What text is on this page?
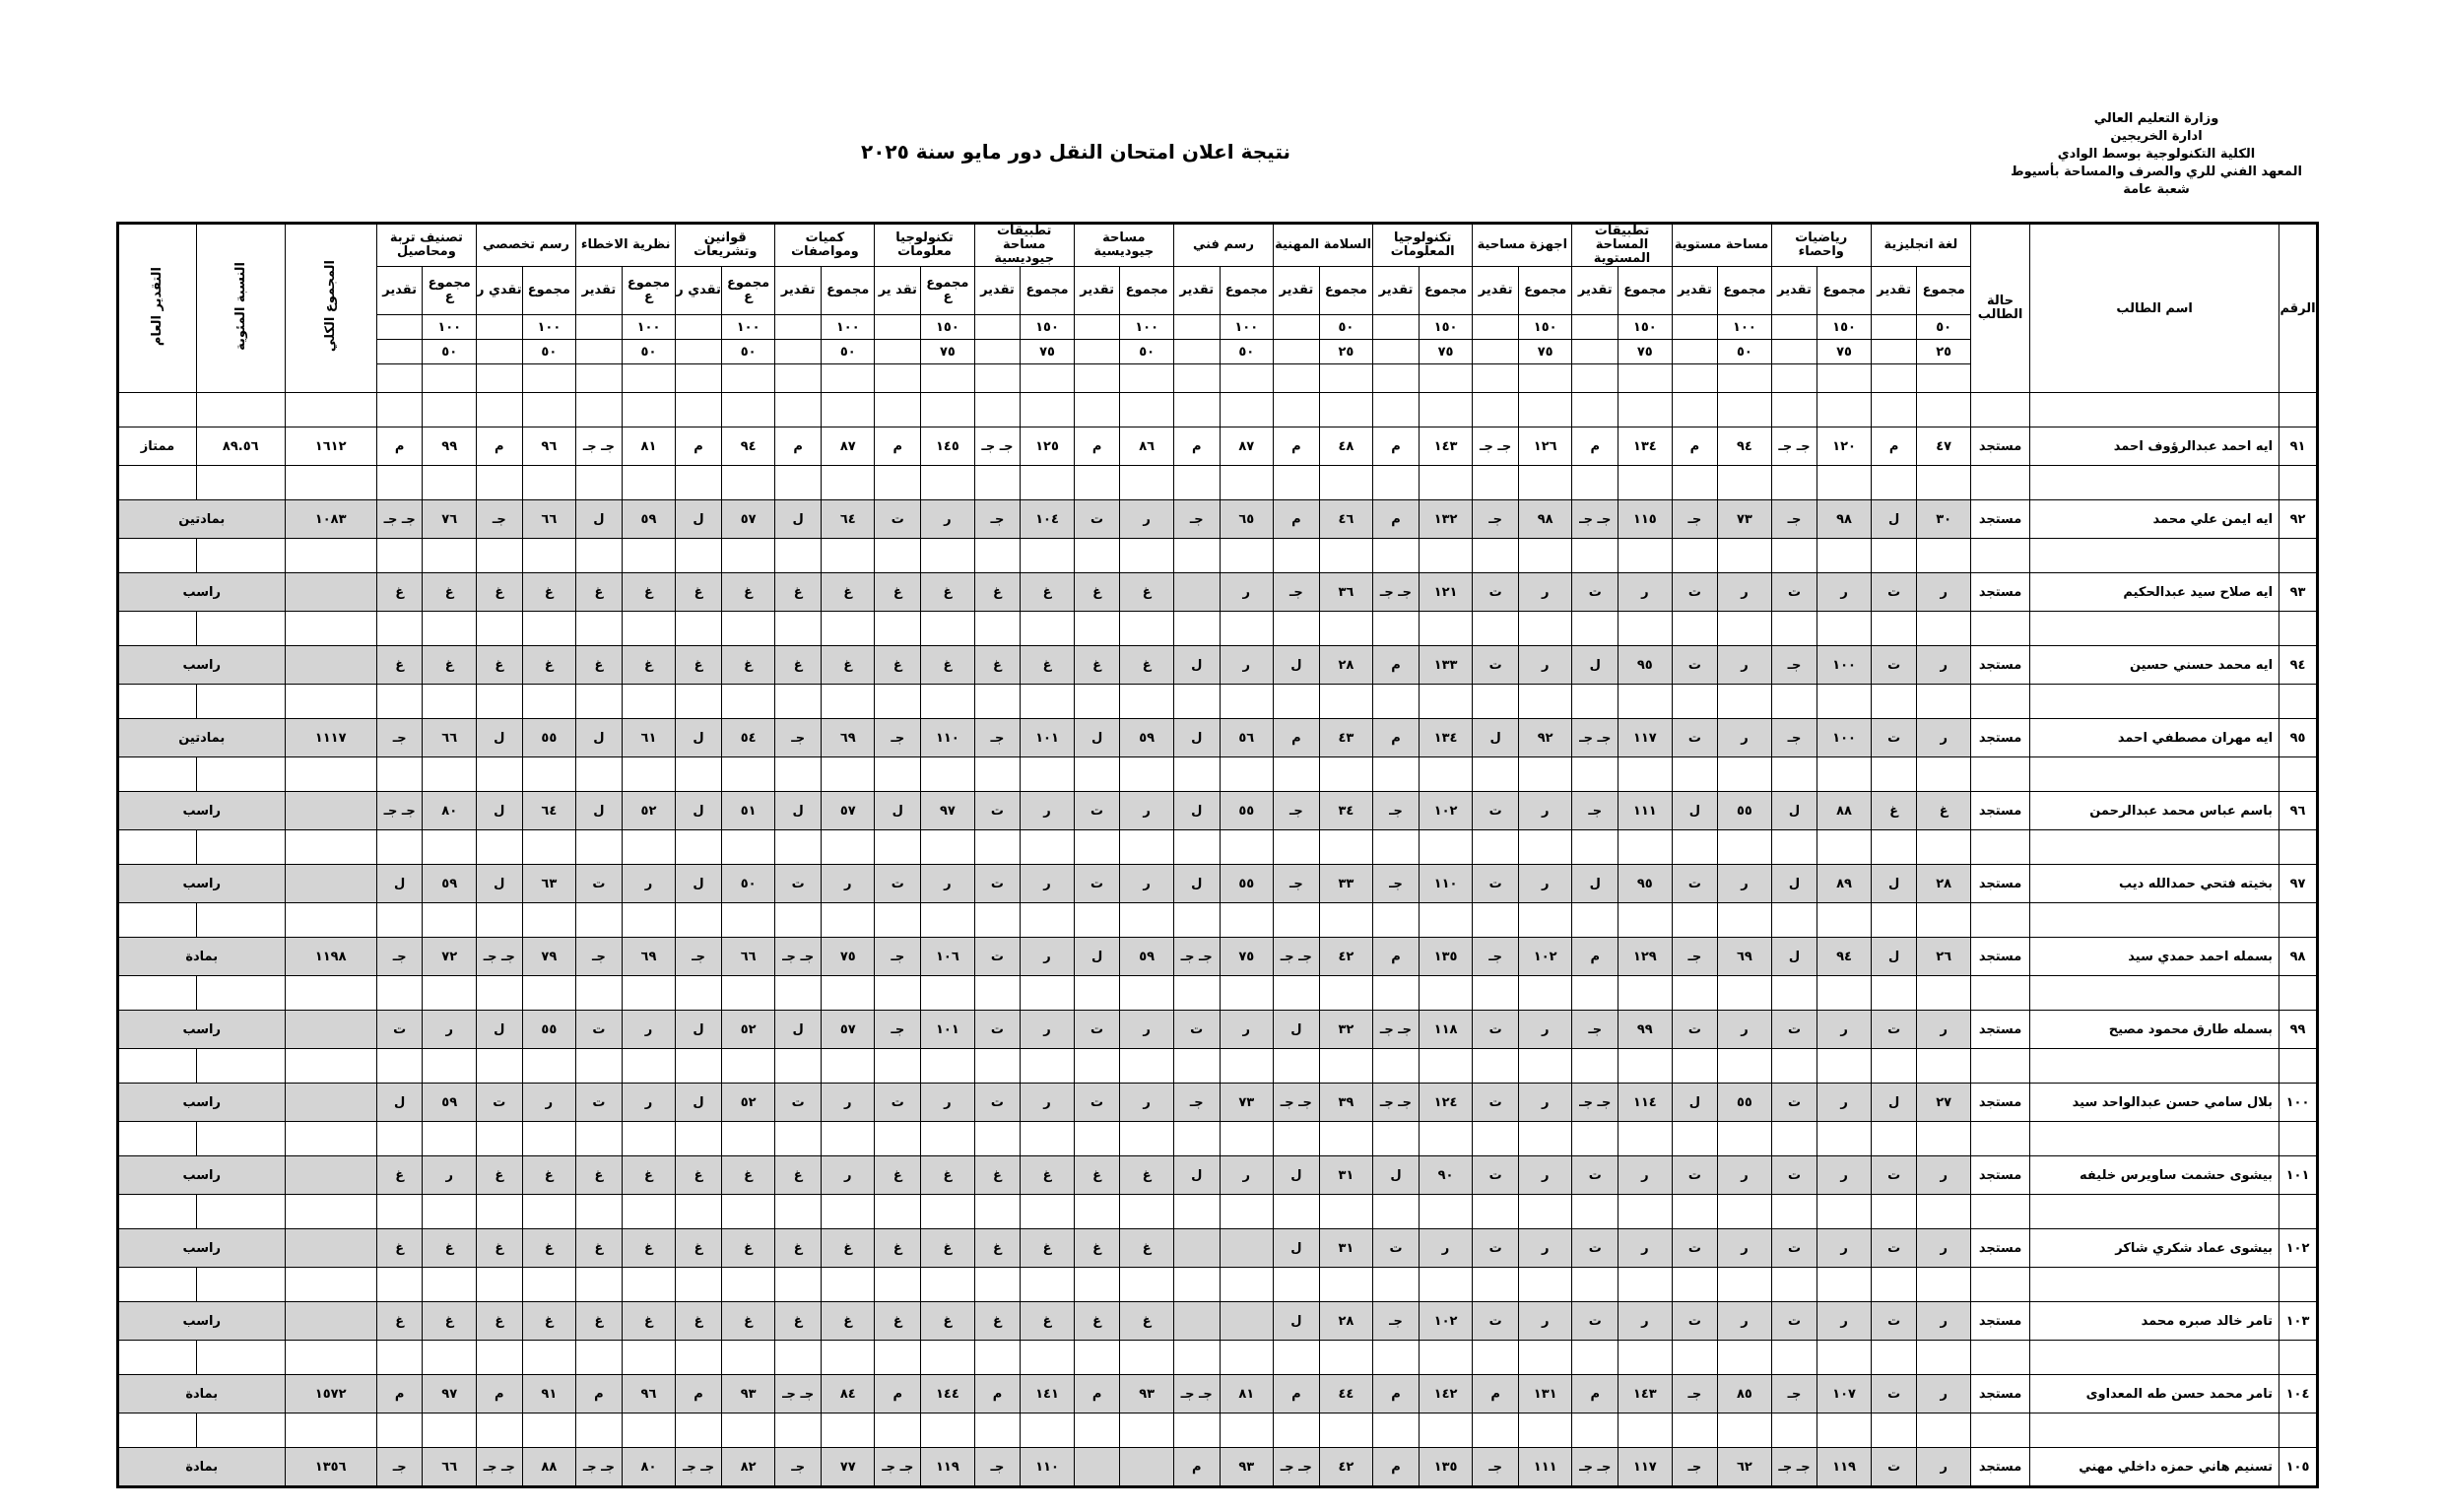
وزارة التعليم العالي
ادارة الخريجين
الكلية التكنولوجية بوسط الوادي
المعهد الفني للري والصرف والمساحة بأسيوط
شعبة عامة
نتيجة اعلان امتحان النقل دور مايو سنة ٢٠٢٥
الرقم	اسم الطالب	حالة الطالب	لغة انجليزية		رياضيات واحصاء		مساحة مستوية		تطبيقات المساحة المستوية		اجهزة مساحية		تكنولوجيا المعلومات		السلامة المهنية		رسم فني		مساحة جيوديسية		تطبيقات مساحة جيوديسية		تكنولوجيا معلومات		كميات ومواصفات		قوانين وتشريعات		نظرية الاخطاء		رسم تخصصي		تصنيف تربة ومحاصيل		المجموع الكلي	النسبة المئوية	التقدير العام
			مجموع	تقدير	مجموع	تقدير	مجموع	تقدير	مجموع	تقدير	مجموع	تقدير	مجموع	تقدير	مجموع	تقدير	مجموع	تقدير	مجموع	تقدير	مجموع	تقدير	مجموع ع	تقد ير	مجموع	تقدير	مجموع ع	تقدي ر	مجموع ع	تقدير	مجموع	تقدي ر	مجموع ع	تقدير			
			٥٠		١٥٠		١٠٠		١٥٠		١٥٠		١٥٠		٥٠		١٠٠		١٠٠		١٥٠		١٥٠		١٠٠		١٠٠		١٠٠		١٠٠		١٠٠				
			٢٥		٧٥		٥٠		٧٥		٧٥		٧٥		٢٥		٥٠		٥٠		٧٥		٧٥		٥٠		٥٠		٥٠		٥٠		٥٠				

٩١	ايه احمد عبدالرؤوف احمد	مستجد	٤٧	م	١٢٠	جـ جـ	٩٤	م	١٣٤	م	١٢٦	جـ جـ	١٤٣	م	٤٨	م	٨٧	م	٨٦	م	١٢٥	جـ جـ	١٤٥	م	٨٧	م	٩٤	م	٨١	جـ جـ	٩٦	م	٩٩	م	١٦١٢	٨٩.٥٦	ممتاز

٩٢	ايه ايمن علي محمد	مستجد	٣٠	ل	٩٨	جـ	٧٣	جـ	١١٥	جـ جـ	٩٨	جـ	١٣٢	م	٤٦	م	٦٥	جـ	ر	ت	١٠٤	جـ	ر	ت	٦٤	ل	٥٧	ل	٥٩	ل	٦٦	جـ	٧٦	جـ جـ	١٠٨٣	بمادتين	

٩٣	ايه صلاح سيد عبدالحكيم	مستجد	ر	ت	ر	ت	ر	ت	ر	ت	ر	ت	١٢١	جـ جـ	٣٦	جـ	ر		غ	غ	غ	غ	غ	غ	غ	غ	غ	غ	غ	غ	غ	غ	غ	غ		راسب	

٩٤	ايه محمد حسني حسين	مستجد	ر	ت	١٠٠	جـ	ر	ت	٩٥	ل	ر	ت	١٣٣	م	٢٨	ل	ر	ل	غ	غ	غ	غ	غ	غ	غ	غ	غ	غ	غ	غ	غ	غ	غ	غ		راسب	

٩٥	ايه مهران مصطفي احمد	مستجد	ر	ت	١٠٠	جـ	ر	ت	١١٧	جـ جـ	٩٢	ل	١٣٤	م	٤٣	م	٥٦	ل	٥٩	ل	١٠١	جـ	١١٠	جـ	٦٩	جـ	٥٤	ل	٦١	ل	٥٥	ل	٦٦	جـ	١١١٧	بمادتين	

٩٦	باسم عباس محمد عبدالرحمن	مستجد	غ	غ	٨٨	ل	٥٥	ل	١١١	جـ	ر	ت	١٠٢	جـ	٣٤	جـ	٥٥	ل	ر	ت	ر	ت	٩٧	ل	٥٧	ل	٥١	ل	٥٢	ل	٦٤	ل	٨٠	جـ جـ		راسب	

٩٧	بخيته فتحي حمدالله ديب	مستجد	٢٨	ل	٨٩	ل	ر	ت	٩٥	ل	ر	ت	١١٠	جـ	٣٣	جـ	٥٥	ل	ر	ت	ر	ت	ر	ت	ر	ت	٥٠	ل	ر	ت	٦٣	ل	٥٩	ل		راسب	

٩٨	بسمله احمد حمدي سيد	مستجد	٢٦	ل	٩٤	ل	٦٩	جـ	١٢٩	م	١٠٢	جـ	١٣٥	م	٤٢	جـ جـ	٧٥	جـ جـ	٥٩	ل	ر	ت	١٠٦	جـ	٧٥	جـ جـ	٦٦	جـ	٦٩	جـ	٧٩	جـ جـ	٧٢	جـ	١١٩٨	بمادة	

٩٩	بسمله طارق محمود مصيح	مستجد	ر	ت	ر	ت	ر	ت	٩٩	جـ	ر	ت	١١٨	جـ جـ	٣٢	ل	ر	ت	ر	ت	ر	ت	١٠١	جـ	٥٧	ل	٥٢	ل	ر	ت	٥٥	ل	ر	ت		راسب	

١٠٠	بلال سامي حسن عبدالواحد سيد	مستجد	٢٧	ل	ر	ت	٥٥	ل	١١٤	جـ جـ	ر	ت	١٢٤	جـ جـ	٣٩	جـ جـ	٧٣	جـ	ر	ت	ر	ت	ر	ت	ر	ت	٥٢	ل	ر	ت	ر	ت	٥٩	ل		راسب	

١٠١	بيشوى حشمت ساويرس خليفه	مستجد	ر	ت	ر	ت	ر	ت	ر	ت	ر	ت	٩٠	ل	٣١	ل	ر	ل	غ	غ	غ	غ	غ	غ	ر	غ	غ	غ	غ	غ	غ	غ	ر	غ		راسب	

١٠٢	بيشوى عماد شكري شاكر	مستجد	ر	ت	ر	ت	ر	ت	ر	ت	ر	ت	ر	ت	٣١	ل			غ	غ	غ	غ	غ	غ	غ	غ	غ	غ	غ	غ	غ	غ	غ	غ		راسب	

١٠٣	تامر خالد صبره محمد	مستجد	ر	ت	ر	ت	ر	ت	ر	ت	ر	ت	١٠٢	جـ	٢٨	ل			غ	غ	غ	غ	غ	غ	غ	غ	غ	غ	غ	غ	غ	غ	غ	غ		راسب	

١٠٤	تامر محمد حسن طه المعداوى	مستجد	ر	ت	١٠٧	جـ	٨٥	جـ	١٤٣	م	١٣١	م	١٤٢	م	٤٤	م	٨١	جـ جـ	٩٣	م	١٤١	م	١٤٤	م	٨٤	جـ جـ	٩٣	م	٩٦	م	٩١	م	٩٧	م	١٥٧٢	بمادة	

١٠٥	تسنيم هاني حمزه داخلي مهني	مستجد	ر	ت	١١٩	جـ جـ	٦٢	جـ	١١٧	جـ جـ	١١١	جـ	١٣٥	م	٤٢	جـ جـ	٩٣	م			١١٠	جـ	١١٩	جـ جـ	٧٧	جـ	٨٢	جـ جـ	٨٠	جـ جـ	٨٨	جـ جـ	٦٦	جـ	١٣٥٦	بمادة	
